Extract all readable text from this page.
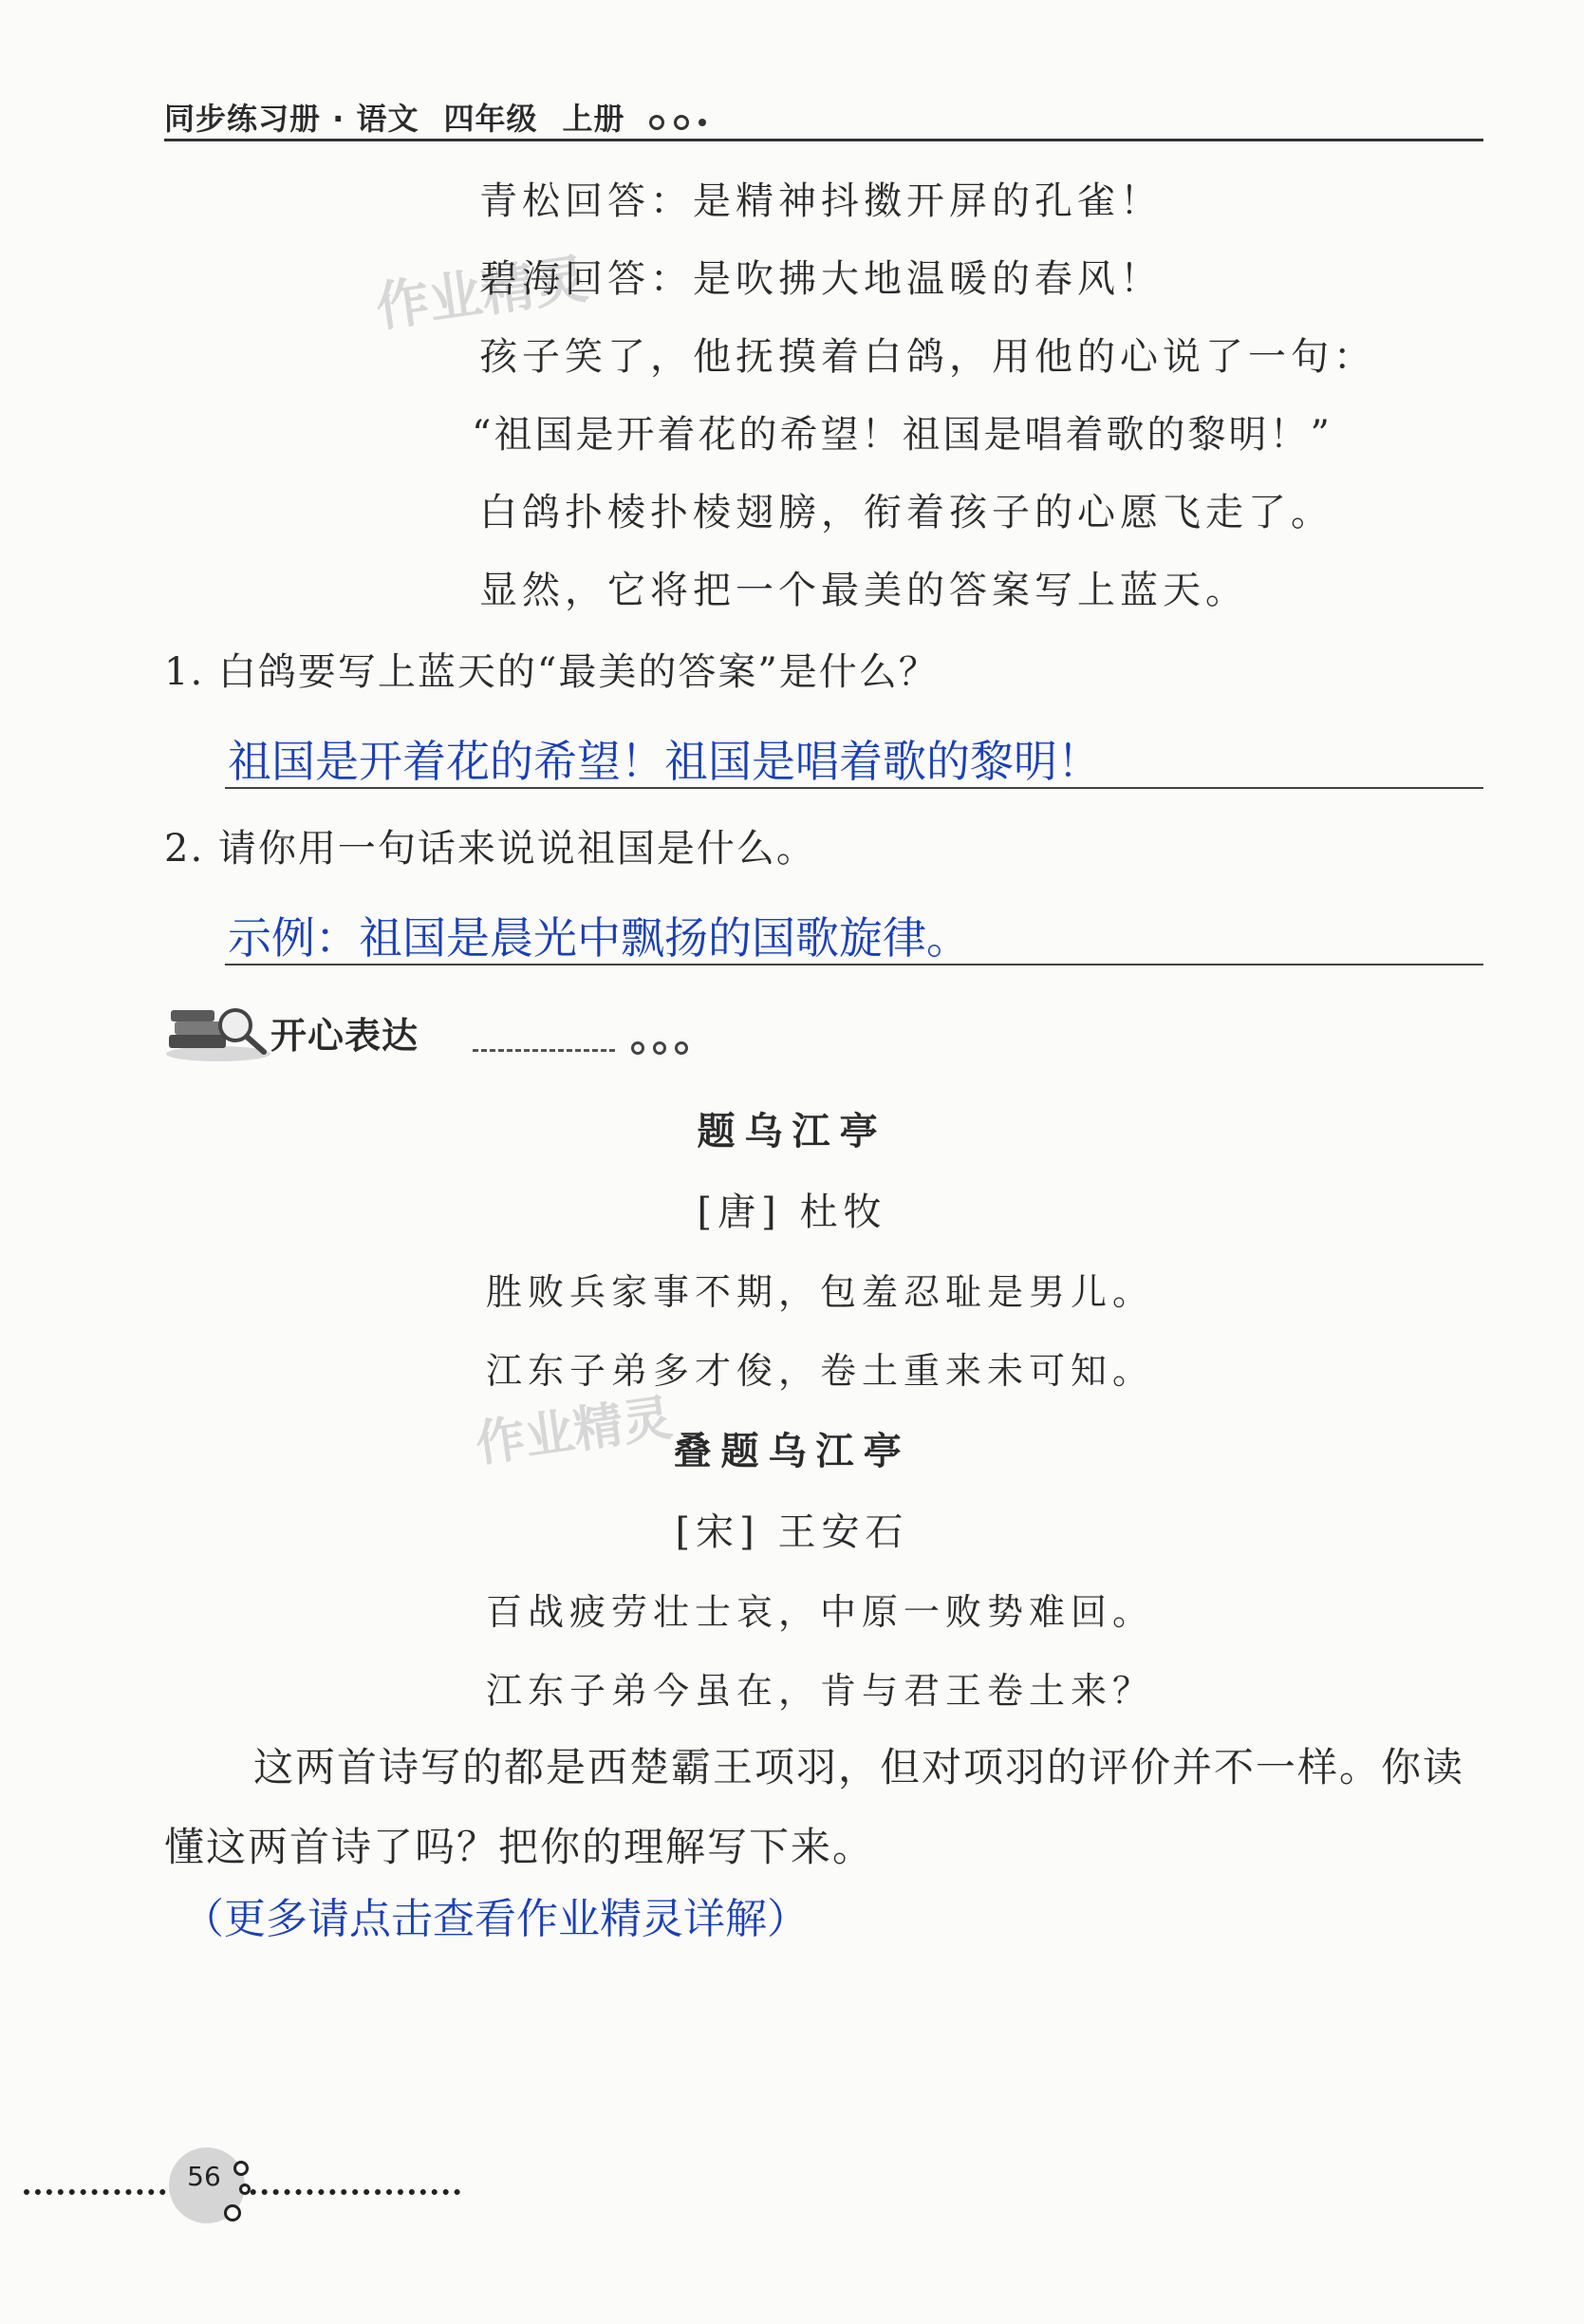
同步练习册 · 语文 四年级 上册
作业精灵
作业精灵
青松回答：是精神抖擞开屏的孔雀！
碧海回答：是吹拂大地温暖的春风！
孩子笑了，他抚摸着白鸽，用他的心说了一句：
“祖国是开着花的希望！祖国是唱着歌的黎明！”
白鸽扑棱扑棱翅膀，衔着孩子的心愿飞走了。
显然，它将把一个最美的答案写上蓝天。
1. 白鸽要写上蓝天的“最美的答案”是什么？
祖国是开着花的希望！祖国是唱着歌的黎明！
2. 请你用一句话来说说祖国是什么。
示例：祖国是晨光中飘扬的国歌旋律。
开心表达
题乌江亭
[唐] 杜牧
胜败兵家事不期，包羞忍耻是男儿。
江东子弟多才俊，卷土重来未可知。
叠题乌江亭
[宋] 王安石
百战疲劳壮士哀，中原一败势难回。
江东子弟今虽在，肯与君王卷土来？
这两首诗写的都是西楚霸王项羽，但对项羽的评价并不一样。你读懂这两首诗了吗？把你的理解写下来。
（更多请点击查看作业精灵详解）
56
